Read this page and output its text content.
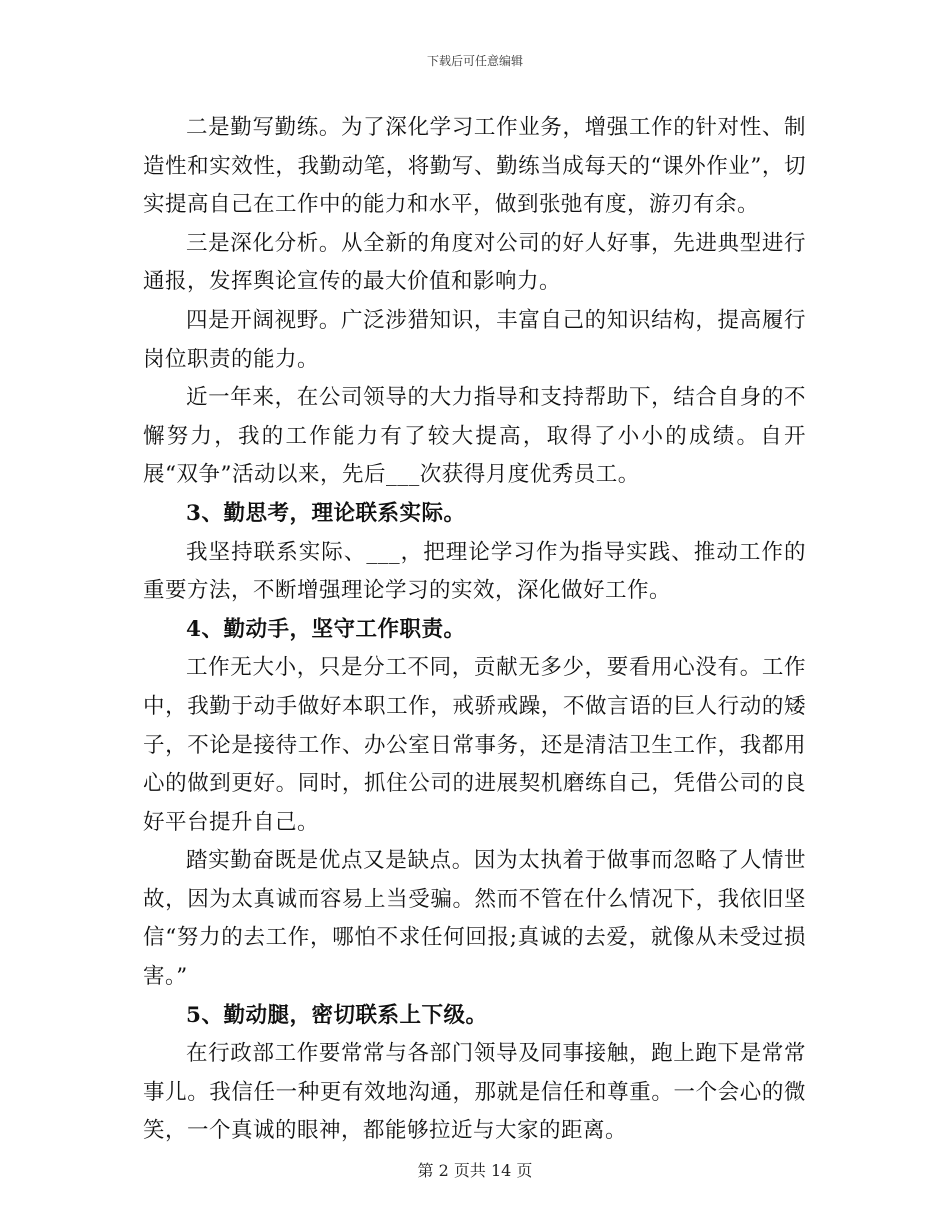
下载后可任意编辑

二是勤写勤练。为了深化学习工作业务，增强工作的针对性、制造性和实效性，我勤动笔，将勤写、勤练当成每天的“课外作业”，切实提高自己在工作中的能力和水平，做到张弛有度，游刃有余。

三是深化分析。从全新的角度对公司的好人好事，先进典型进行通报，发挥舆论宣传的最大价值和影响力。

四是开阔视野。广泛涉猎知识，丰富自己的知识结构，提高履行岗位职责的能力。

近一年来，在公司领导的大力指导和支持帮助下，结合自身的不懈努力，我的工作能力有了较大提高，取得了小小的成绩。自开展“双争”活动以来，先后___次获得月度优秀员工。

3、勤思考，理论联系实际。

我坚持联系实际、___，把理论学习作为指导实践、推动工作的重要方法，不断增强理论学习的实效，深化做好工作。

4、勤动手，坚守工作职责。

工作无大小，只是分工不同，贡献无多少，要看用心没有。工作中，我勤于动手做好本职工作，戒骄戒躁，不做言语的巨人行动的矮子，不论是接待工作、办公室日常事务，还是清洁卫生工作，我都用心的做到更好。同时，抓住公司的进展契机磨练自己，凭借公司的良好平台提升自己。

踏实勤奋既是优点又是缺点。因为太执着于做事而忽略了人情世故，因为太真诚而容易上当受骗。然而不管在什么情况下，我依旧坚信“努力的去工作，哪怕不求任何回报;真诚的去爱，就像从未受过损害。”

5、勤动腿，密切联系上下级。

在行政部工作要常常与各部门领导及同事接触，跑上跑下是常常事儿。我信任一种更有效地沟通，那就是信任和尊重。一个会心的微笑，一个真诚的眼神，都能够拉近与大家的距离。

第 2 页共 14 页
